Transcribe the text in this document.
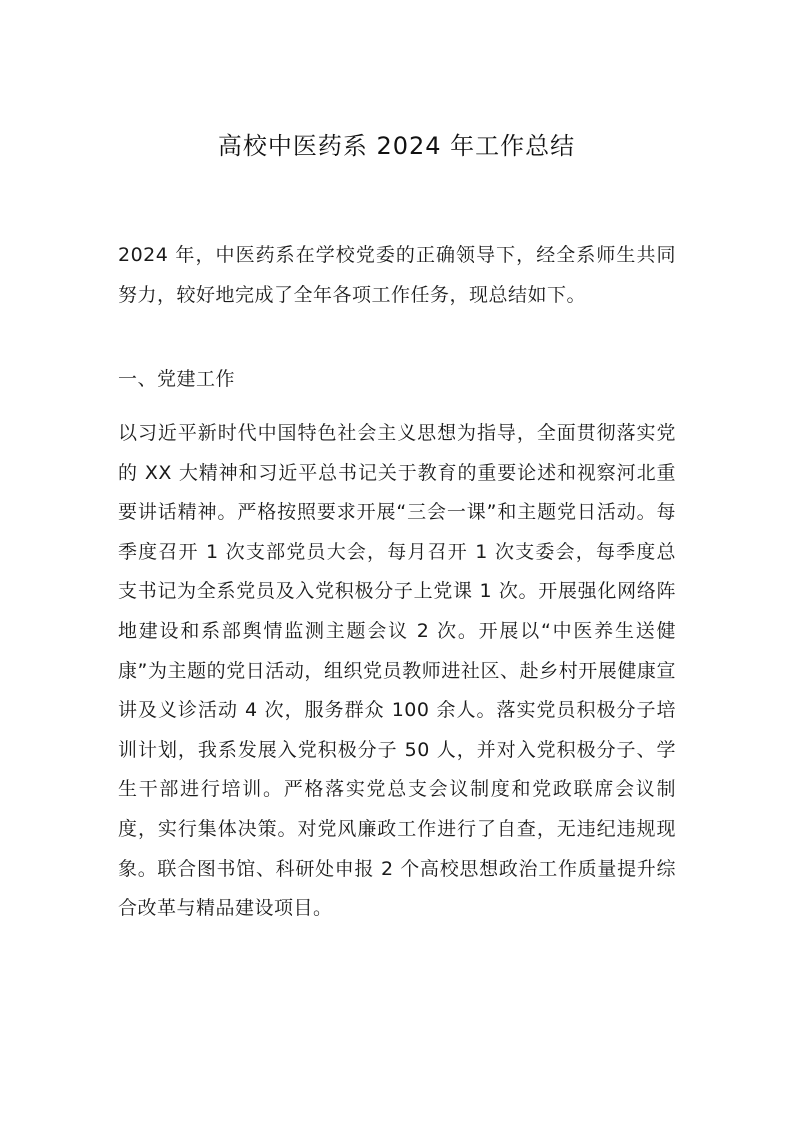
高校中医药系 2024 年工作总结

2024 年，中医药系在学校党委的正确领导下，经全系师生共同努力，较好地完成了全年各项工作任务，现总结如下。

一、党建工作

以习近平新时代中国特色社会主义思想为指导，全面贯彻落实党的 XX 大精神和习近平总书记关于教育的重要论述和视察河北重要讲话精神。严格按照要求开展“三会一课”和主题党日活动。每季度召开 1 次支部党员大会，每月召开 1 次支委会，每季度总支书记为全系党员及入党积极分子上党课 1 次。开展强化网络阵地建设和系部舆情监测主题会议 2 次。开展以“中医养生送健康”为主题的党日活动，组织党员教师进社区、赴乡村开展健康宣讲及义诊活动 4 次，服务群众 100 余人。落实党员积极分子培训计划，我系发展入党积极分子 50 人，并对入党积极分子、学生干部进行培训。严格落实党总支会议制度和党政联席会议制度，实行集体决策。对党风廉政工作进行了自查，无违纪违规现象。联合图书馆、科研处申报 2 个高校思想政治工作质量提升综合改革与精品建设项目。
